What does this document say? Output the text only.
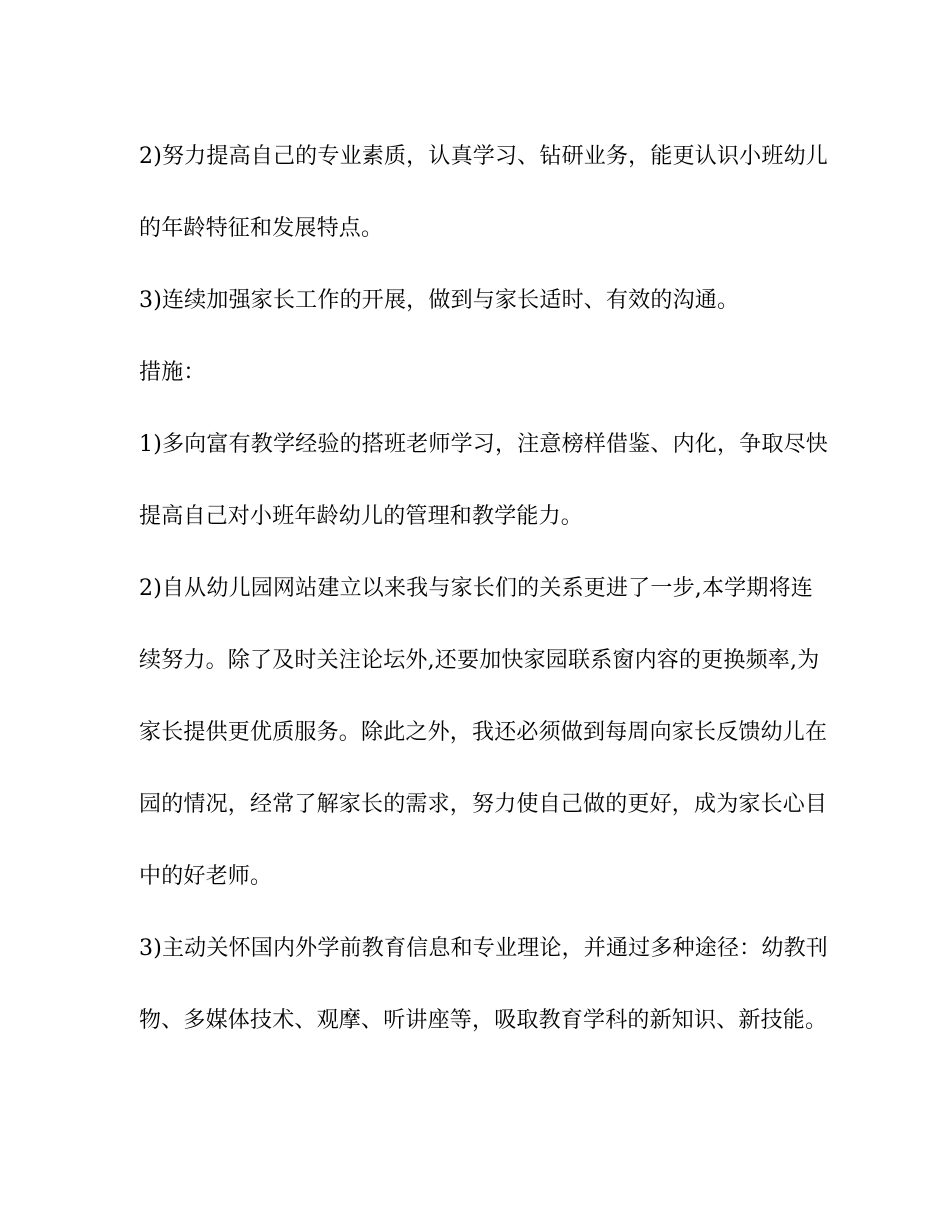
2)努力提高自己的专业素质，认真学习、钻研业务，能更认识小班幼儿

的年龄特征和发展特点。

3)连续加强家长工作的开展，做到与家长适时、有效的沟通。

措施：

1)多向富有教学经验的搭班老师学习，注意榜样借鉴、内化，争取尽快

提高自己对小班年龄幼儿的管理和教学能力。

2)自从幼儿园网站建立以来我与家长们的关系更进了一步,本学期将连

续努力。除了及时关注论坛外,还要加快家园联系窗内容的更换频率,为

家长提供更优质服务。除此之外，我还必须做到每周向家长反馈幼儿在

园的情况，经常了解家长的需求，努力使自己做的更好，成为家长心目

中的好老师。

3)主动关怀国内外学前教育信息和专业理论，并通过多种途径：幼教刊

物、多媒体技术、观摩、听讲座等，吸取教育学科的新知识、新技能。
